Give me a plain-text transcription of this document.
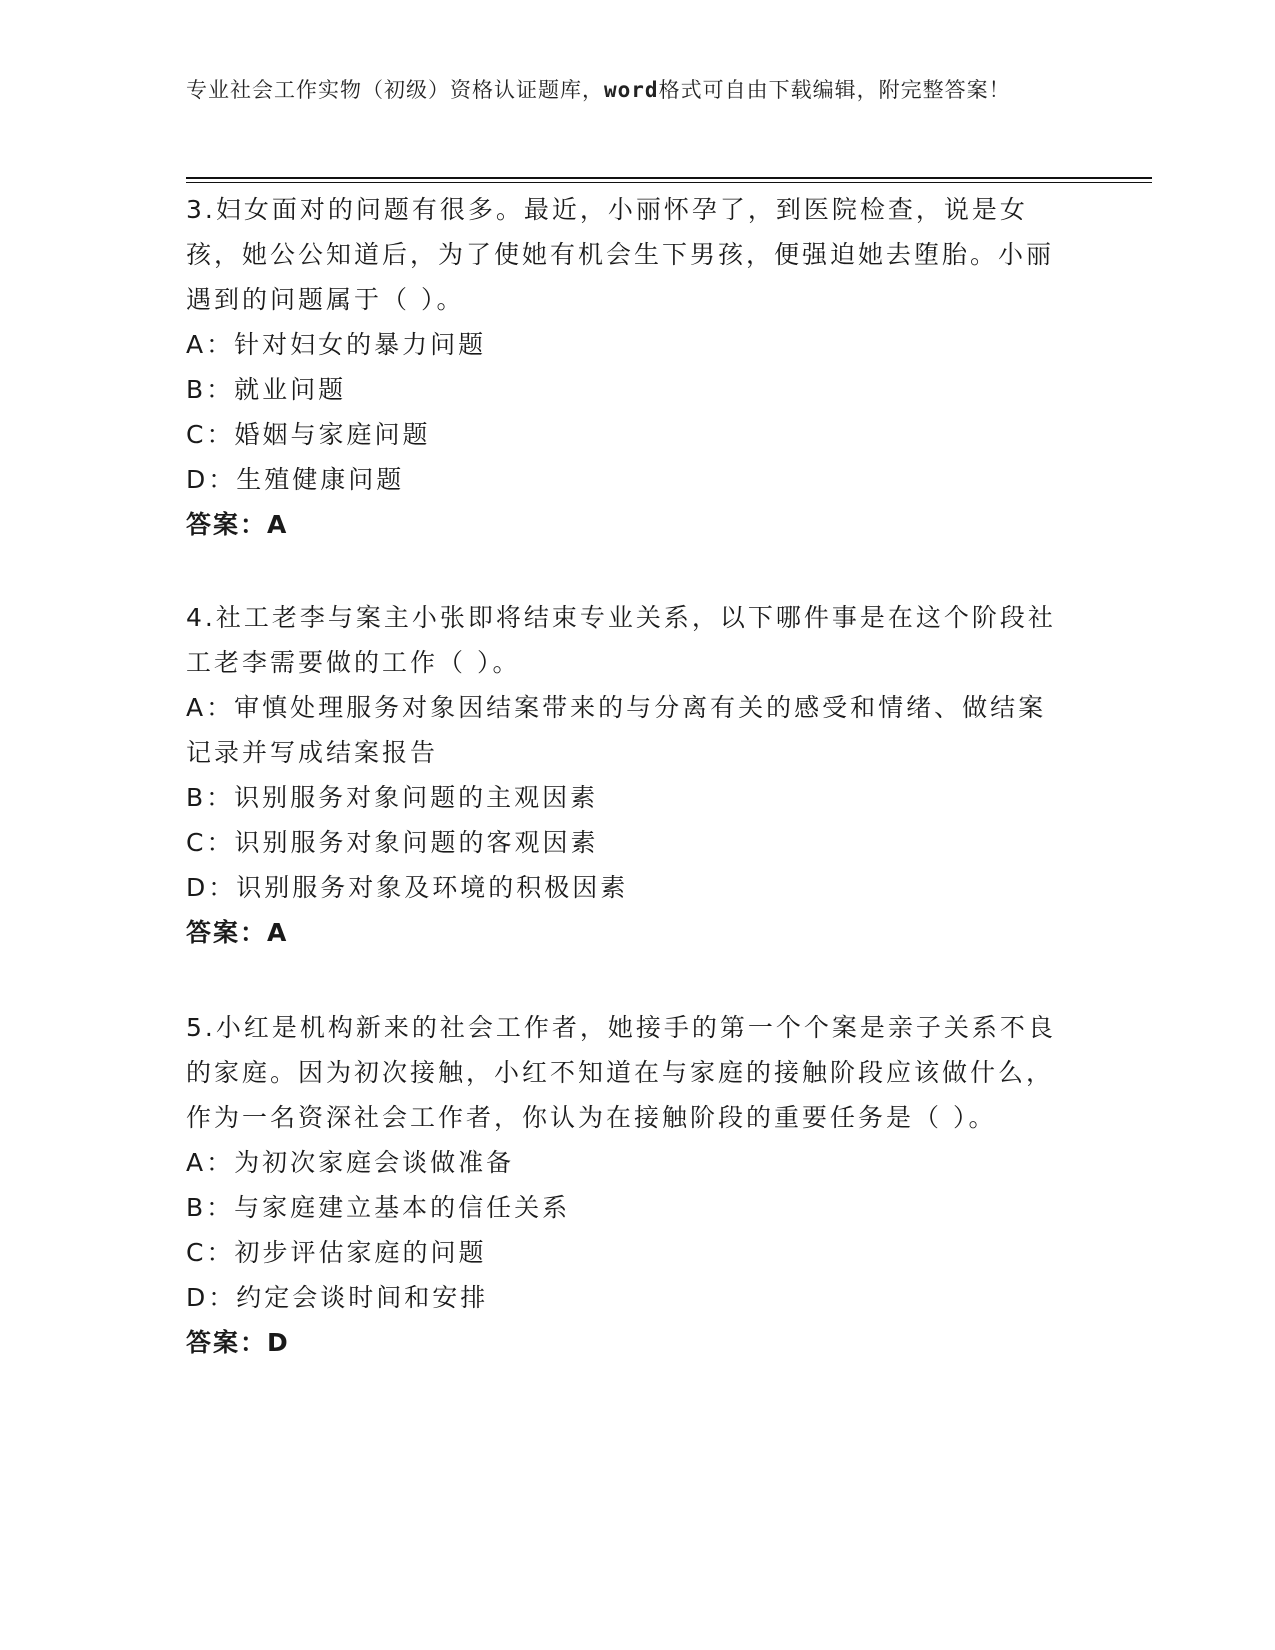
专业社会工作实物（初级）资格认证题库，word格式可自由下载编辑，附完整答案！

3.妇女面对的问题有很多。最近，小丽怀孕了，到医院检查，说是女孩，她公公知道后，为了使她有机会生下男孩，便强迫她去堕胎。小丽遇到的问题属于（ ）。

A：针对妇女的暴力问题

B：就业问题

C：婚姻与家庭问题

D：生殖健康问题

答案：A

4.社工老李与案主小张即将结束专业关系，以下哪件事是在这个阶段社工老李需要做的工作（ ）。

A：审慎处理服务对象因结案带来的与分离有关的感受和情绪、做结案记录并写成结案报告

B：识别服务对象问题的主观因素

C：识别服务对象问题的客观因素

D：识别服务对象及环境的积极因素

答案：A

5.小红是机构新来的社会工作者，她接手的第一个个案是亲子关系不良的家庭。因为初次接触，小红不知道在与家庭的接触阶段应该做什么，作为一名资深社会工作者，你认为在接触阶段的重要任务是（ ）。

A：为初次家庭会谈做准备

B：与家庭建立基本的信任关系

C：初步评估家庭的问题

D：约定会谈时间和安排

答案：D
